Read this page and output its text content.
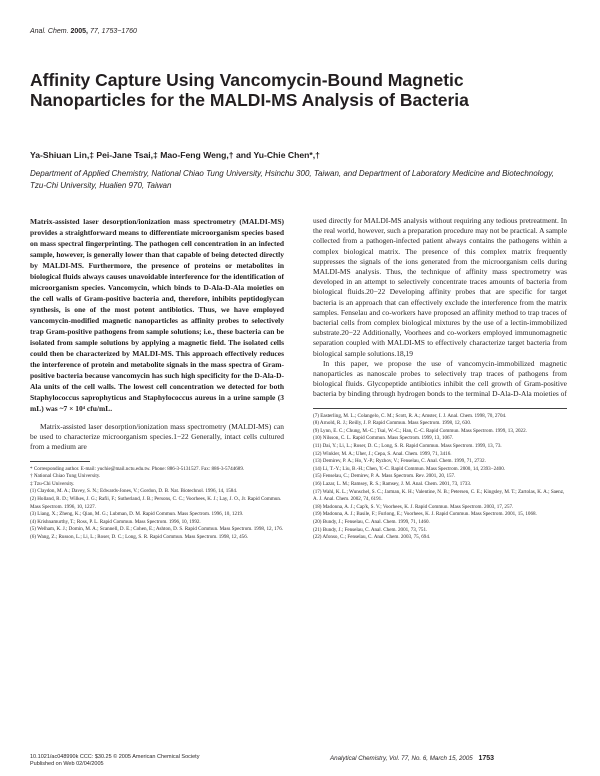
Anal. Chem. 2005, 77, 1753−1760
Affinity Capture Using Vancomycin-Bound Magnetic Nanoparticles for the MALDI-MS Analysis of Bacteria
Ya-Shiuan Lin,‡ Pei-Jane Tsai,‡ Mao-Feng Weng,† and Yu-Chie Chen*,†
Department of Applied Chemistry, National Chiao Tung University, Hsinchu 300, Taiwan, and Department of Laboratory Medicine and Biotechnology, Tzu-Chi University, Hualien 970, Taiwan
Matrix-assisted laser desorption/ionization mass spectrometry (MALDI-MS) provides a straightforward means to differentiate microorganism species based on mass spectral fingerprinting. The pathogen cell concentration in an infected sample, however, is generally lower than that capable of being detected directly by MALDI-MS. Furthermore, the presence of proteins or metabolites in biological fluids always causes unavoidable interference for the identification of microorganism species. Vancomycin, which binds to D-Ala-D-Ala moieties on the cell walls of Gram-positive bacteria and, therefore, inhibits peptidoglycan synthesis, is one of the most potent antibiotics. Thus, we have employed vancomycin-modified magnetic nanoparticles as affinity probes to selectively trap Gram-positive pathogens from sample solutions; i.e., these bacteria can be isolated from sample solutions by applying a magnetic field. The isolated cells could then be characterized by MALDI-MS. This approach effectively reduces the interference of protein and metabolite signals in the mass spectra of Gram-positive bacteria because vancomycin has such high specificity for the D-Ala-D-Ala units of the cell walls. The lowest cell concentration we detected for both Staphylococcus saprophyticus and Staphylococcus aureus in a urine sample (3 mL) was ~7 × 10⁴ cfu/mL.

Matrix-assisted laser desorption/ionization mass spectrometry (MALDI-MS) can be used to characterize microorganism species.1−22 Generally, intact cells cultured from a medium are

* Corresponding author. E-mail: yuchie@mail.nctu.edu.tw. Phone: 886-3-5131527. Fax: 886-3-5744689.
† National Chiao Tung University.
‡ Tzu-Chi University.
(1) Claydon, M. A.; Davey, S. N.; Edwards-Jones, V.; Gordon, D. B. Nat. Biotechnol. 1996, 14, 1584.
(2) Holland, R. D.; Wilkes, J. G.; Rafii, F.; Sutherland, J. B.; Persons, C. C.; Voorhees, K. J.; Lay, J. O., Jr. Rapid Commun. Mass Spectrom. 1996, 10, 1227.
(3) Liang, X.; Zheng, K.; Qian, M. G.; Lubman, D. M. Rapid Commun. Mass Spectrom. 1996, 10, 1219.
(4) Krishnamurthy, T.; Ross, P. L. Rapid Commun. Mass Spectrom. 1996, 10, 1992.
(5) Welham, K. J.; Domin, M. A.; Scannell, D. E.; Cohen, E.; Ashton, D. S. Rapid Commun. Mass Spectrom. 1998, 12, 176.
(6) Wang, Z.; Russon, L.; Li, L.; Roser, D. C.; Long, S. R. Rapid Commun. Mass Spectrom. 1998, 12, 456.

used directly for MALDI-MS analysis without requiring any tedious pretreatment. In the real world, however, such a preparation procedure may not be practical. A sample collected from a pathogen-infected patient always contains the pathogens within a complex biological matrix. The presence of this complex matrix frequently suppresses the signals of the ions generated from the microorganism cells during MALDI-MS analysis. Thus, the technique of affinity mass spectrometry was developed in an attempt to selectively concentrate traces amounts of bacteria from biological fluids.20−22 Developing affinity probes that are specific for target bacteria is an approach that can effectively exclude the interference from the matrix samples. Fenselau and co-workers have proposed an affinity method to trap traces of bacterial cells from complex biological mixtures by the use of a lectin-immobilized substrate.20−22 Additionally, Voorhees and co-workers employed immunomagnetic separation coupled with MALDI-MS to effectively characterize target bacteria from biological sample solutions.18,19

In this paper, we propose the use of vancomycin-immobilized magnetic nanoparticles as nanoscale probes to selectively trap traces of pathogens from biological fluids. Glycopeptide antibiotics inhibit the cell growth of Gram-positive bacteria by binding through hydrogen bonds to the terminal D-Ala-D-Ala moieties of

(7) Easterling, M. L.; Colangelo, C. M.; Scott, R. A.; Amster, I. J. Anal. Chem. 1998, 70, 2704.
(8) Arnold, R. J.; Reilly, J. P. Rapid Commun. Mass Spectrom. 1998, 12, 630.
(9) Lynn, E. C.; Chung, M.-C.; Tsai, W.-C.; Han, C.-C. Rapid Commun. Mass Spectrom. 1999, 13, 2022.
(10) Nilsson, C. L. Rapid Commun. Mass Spectrom. 1999, 13, 1067.
(11) Dai, Y.; Li, L.; Roser, D. C.; Long, S. R. Rapid Commun. Mass Spectrom. 1999, 13, 73.
(12) Winkler, M. A.; Uher, J.; Cepa, S. Anal. Chem. 1999, 71, 3416.
(13) Demirev, P. A.; Ho, Y.-P.; Ryzhov, V.; Fenselau, C. Anal. Chem. 1999, 71, 2732.
(14) Li, T.-Y.; Liu, B.-H.; Chen, Y.-C. Rapid Commun. Mass Spectrom. 2000, 14, 2393−2400.
(15) Fenselau, C.; Demirev, P. A. Mass Spectrom. Rev. 2001, 20, 157.
(16) Lazar, L. M.; Ramsey, R. S.; Ramsey, J. M. Anal. Chem. 2001, 73, 1733.
(17) Wahl, K. L.; Wunschel, S. C.; Jarman, K. H.; Valentine, N. B.; Petersen, C. E.; Kingsley, M. T.; Zartolas, K. A.; Saenz, A. J. Anal. Chem. 2002, 74, 6191.
(18) Madonna, A. J.; Cap'k, S. V.; Voorhees, K. J. Rapid Commun. Mass Spectrom. 2003, 17, 257.
(19) Madonna, A. J.; Basile, F.; Furlong, E.; Voorhees, K. J. Rapid Commun. Mass Spectrom. 2001, 15, 1068.
(20) Bundy, J.; Fenselau, C. Anal. Chem. 1999, 71, 1460.
(21) Bundy, J.; Fenselau, C. Anal. Chem. 2001, 73, 751.
(22) Afonso, C.; Fenselau, C. Anal. Chem. 2003, 75, 694.
10.1021/ac048990k CCC: $30.25 © 2005 American Chemical Society
Published on Web 02/04/2005
Analytical Chemistry, Vol. 77, No. 6, March 15, 2005 1753
